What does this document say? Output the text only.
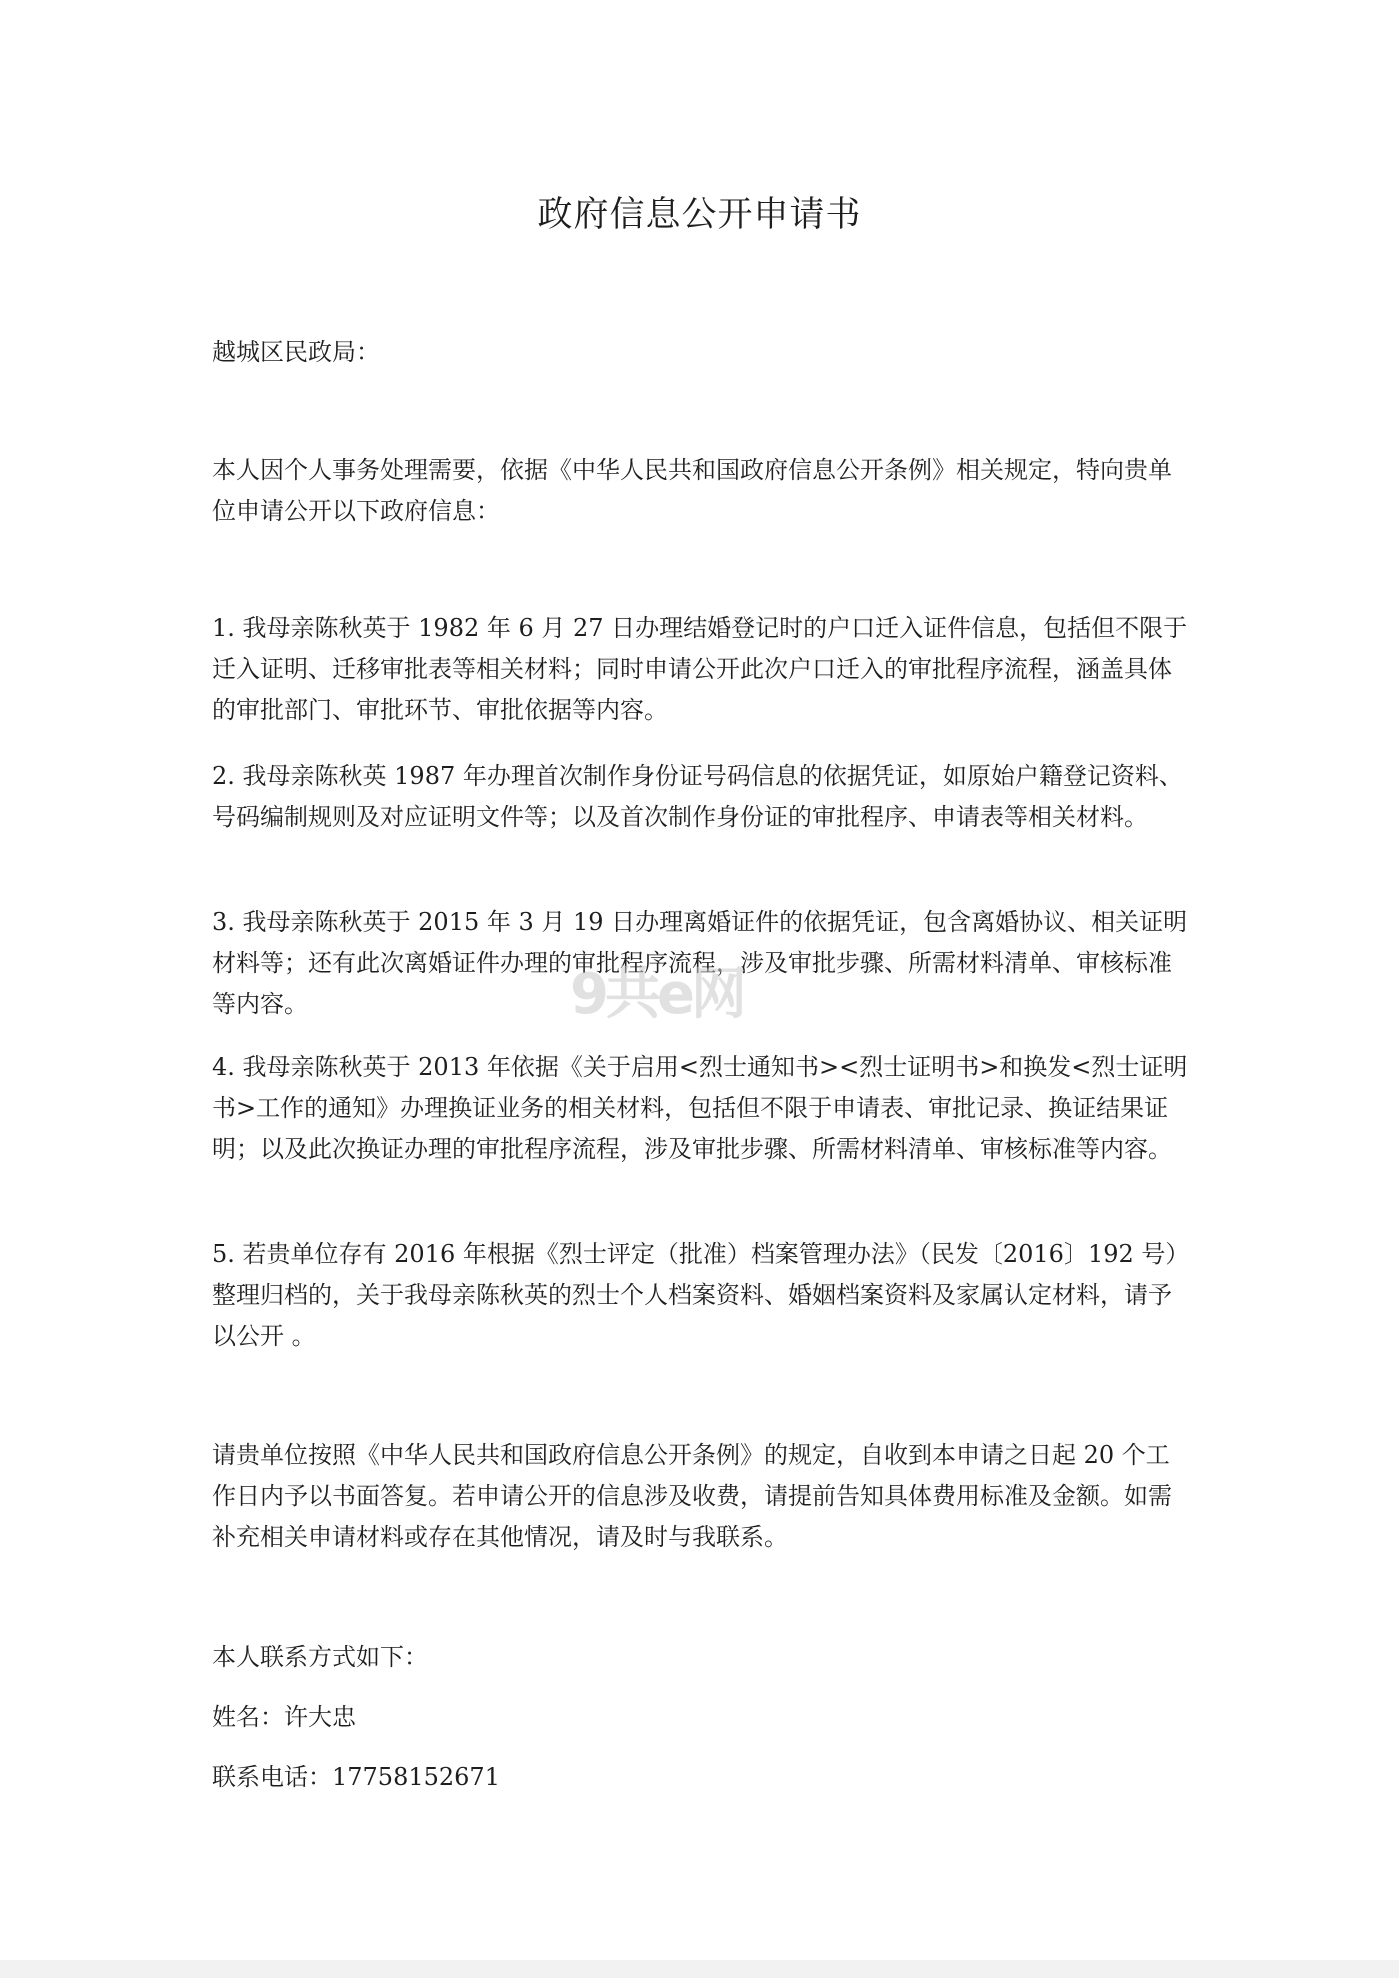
政府信息公开申请书

越城区民政局：

本人因个人事务处理需要，依据《中华人民共和国政府信息公开条例》相关规定，特向贵单位申请公开以下政府信息：

1. 我母亲陈秋英于 1982 年 6 月 27 日办理结婚登记时的户口迁入证件信息，包括但不限于迁入证明、迁移审批表等相关材料；同时申请公开此次户口迁入的审批程序流程，涵盖具体的审批部门、审批环节、审批依据等内容。

2. 我母亲陈秋英 1987 年办理首次制作身份证号码信息的依据凭证，如原始户籍登记资料、号码编制规则及对应证明文件等；以及首次制作身份证的审批程序、申请表等相关材料。

3. 我母亲陈秋英于 2015 年 3 月 19 日办理离婚证件的依据凭证，包含离婚协议、相关证明材料等；还有此次离婚证件办理的审批程序流程，涉及审批步骤、所需材料清单、审核标准等内容。

4. 我母亲陈秋英于 2013 年依据《关于启用<烈士通知书><烈士证明书>和换发<烈士证明书>工作的通知》办理换证业务的相关材料，包括但不限于申请表、审批记录、换证结果证明；以及此次换证办理的审批程序流程，涉及审批步骤、所需材料清单、审核标准等内容。

5. 若贵单位存有 2016 年根据《烈士评定（批准）档案管理办法》（民发〔2016〕192 号）整理归档的，关于我母亲陈秋英的烈士个人档案资料、婚姻档案资料及家属认定材料，请予以公开 。

请贵单位按照《中华人民共和国政府信息公开条例》的规定，自收到本申请之日起 20 个工作日内予以书面答复。若申请公开的信息涉及收费，请提前告知具体费用标准及金额。如需补充相关申请材料或存在其他情况，请及时与我联系。

本人联系方式如下：

姓名：许大忠

联系电话：17758152671

9共e网
